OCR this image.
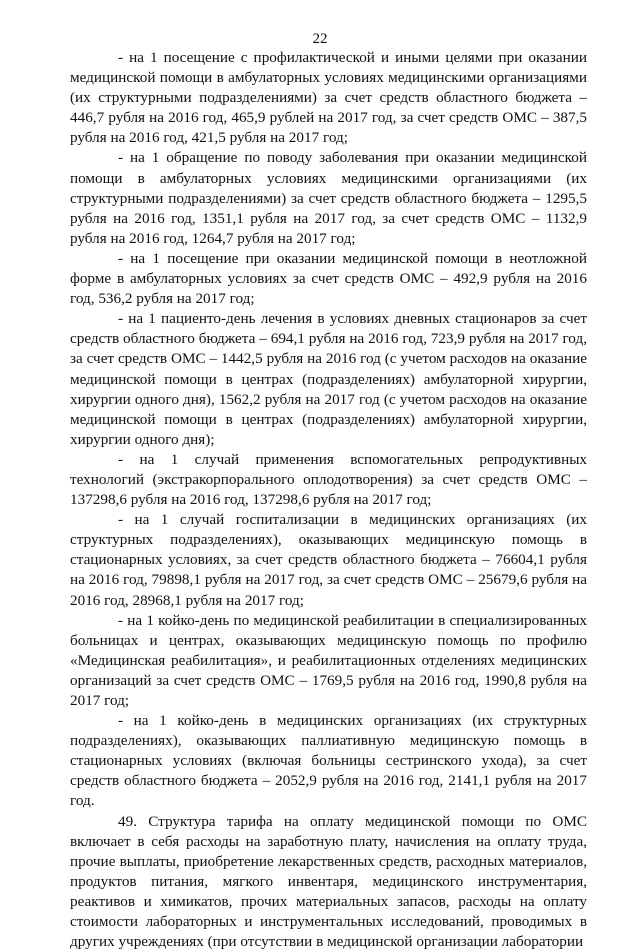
22

- на 1 посещение с профилактической и иными целями при оказании медицинской помощи в амбулаторных условиях медицинскими организациями (их структурными подразделениями) за счет средств областного бюджета – 446,7 рубля на 2016 год, 465,9 рублей на 2017 год, за счет средств ОМС – 387,5 рубля на 2016 год, 421,5 рубля на 2017 год;

- на 1 обращение по поводу заболевания при оказании медицинской помощи в амбулаторных условиях медицинскими организациями (их структурными подразделениями) за счет средств областного бюджета – 1295,5 рубля на 2016 год, 1351,1 рубля на 2017 год, за счет средств ОМС – 1132,9 рубля на 2016 год, 1264,7 рубля на 2017 год;

- на 1 посещение при оказании медицинской помощи в неотложной форме в амбулаторных условиях за счет средств ОМС – 492,9 рубля на 2016 год, 536,2 рубля на 2017 год;

- на 1 пациенто-день лечения в условиях дневных стационаров за счет средств областного бюджета – 694,1 рубля на 2016 год, 723,9 рубля на 2017 год, за счет средств ОМС – 1442,5 рубля на 2016 год (с учетом расходов на оказание медицинской помощи в центрах (подразделениях) амбулаторной хирургии, хирургии одного дня), 1562,2 рубля на 2017 год (с учетом расходов на оказание медицинской помощи в центрах (подразделениях) амбулаторной хирургии, хирургии одного дня);

- на 1 случай применения вспомогательных репродуктивных технологий (экстракорпорального оплодотворения) за счет средств ОМС – 137298,6 рубля на 2016 год, 137298,6 рубля на 2017 год;

- на 1 случай госпитализации в медицинских организациях (их структурных подразделениях), оказывающих медицинскую помощь в стационарных условиях, за счет средств областного бюджета – 76604,1 рубля на 2016 год, 79898,1 рубля на 2017 год, за счет средств ОМС – 25679,6 рубля на 2016 год, 28968,1 рубля на 2017 год;

- на 1 койко-день по медицинской реабилитации в специализированных больницах и центрах, оказывающих медицинскую помощь по профилю «Медицинская реабилитация», и реабилитационных отделениях медицинских организаций за счет средств ОМС – 1769,5 рубля на 2016 год, 1990,8 рубля на 2017 год;

- на 1 койко-день в медицинских организациях (их структурных подразделениях), оказывающих паллиативную медицинскую помощь в стационарных условиях (включая больницы сестринского ухода), за счет средств областного бюджета – 2052,9 рубля на 2016 год, 2141,1 рубля на 2017 год.

49. Структура тарифа на оплату медицинской помощи по ОМС включает в себя расходы на заработную плату, начисления на оплату труда, прочие выплаты, приобретение лекарственных средств, расходных материалов, продуктов питания, мягкого инвентаря, медицинского инструментария, реактивов и химикатов, прочих материальных запасов, расходы на оплату стоимости лабораторных и инструментальных исследований, проводимых в других учреждениях (при отсутствии в медицинской организации лаборатории
